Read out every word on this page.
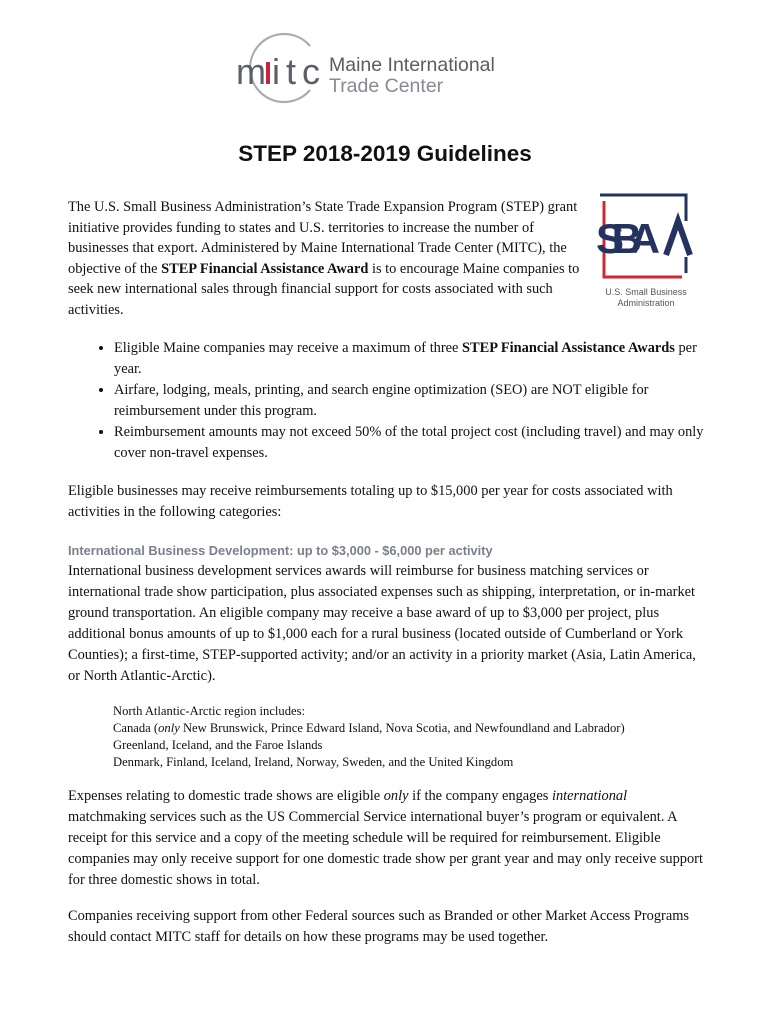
mitc Maine International
Trade Center
STEP 2018-2019 Guidelines

The U.S. Small Business Administration’s State Trade Expansion Program (STEP) grant initiative provides funding to states and U.S. territories to increase the number of businesses that export. Administered by Maine International Trade Center (MITC), the objective of the STEP Financial Assistance Award is to encourage Maine companies to seek new international sales through financial support for costs associated with such activities.

SBA
U.S. Small Business
Administration
• Eligible Maine companies may receive a maximum of three STEP Financial Assistance Awards per year.
• Airfare, lodging, meals, printing, and search engine optimization (SEO) are NOT eligible for reimbursement under this program.
• Reimbursement amounts may not exceed 50% of the total project cost (including travel) and may only cover non-travel expenses.

Eligible businesses may receive reimbursements totaling up to $15,000 per year for costs associated with activities in the following categories:

International Business Development: up to $3,000 - $6,000 per activity

International business development services awards will reimburse for business matching services or international trade show participation, plus associated expenses such as shipping, interpretation, or in-market ground transportation. An eligible company may receive a base award of up to $3,000 per project, plus additional bonus amounts of up to $1,000 each for a rural business (located outside of Cumberland or York Counties); a first-time, STEP-supported activity; and/or an activity in a priority market (Asia, Latin America, or North Atlantic-Arctic).

North Atlantic-Arctic region includes:
Canada (only New Brunswick, Prince Edward Island, Nova Scotia, and Newfoundland and Labrador)
Greenland, Iceland, and the Faroe Islands
Denmark, Finland, Iceland, Ireland, Norway, Sweden, and the United Kingdom

Expenses relating to domestic trade shows are eligible only if the company engages international matchmaking services such as the US Commercial Service international buyer’s program or equivalent. A receipt for this service and a copy of the meeting schedule will be required for reimbursement. Eligible companies may only receive support for one domestic trade show per grant year and may only receive support for three domestic shows in total.

Companies receiving support from other Federal sources such as Branded or other Market Access Programs should contact MITC staff for details on how these programs may be used together.
